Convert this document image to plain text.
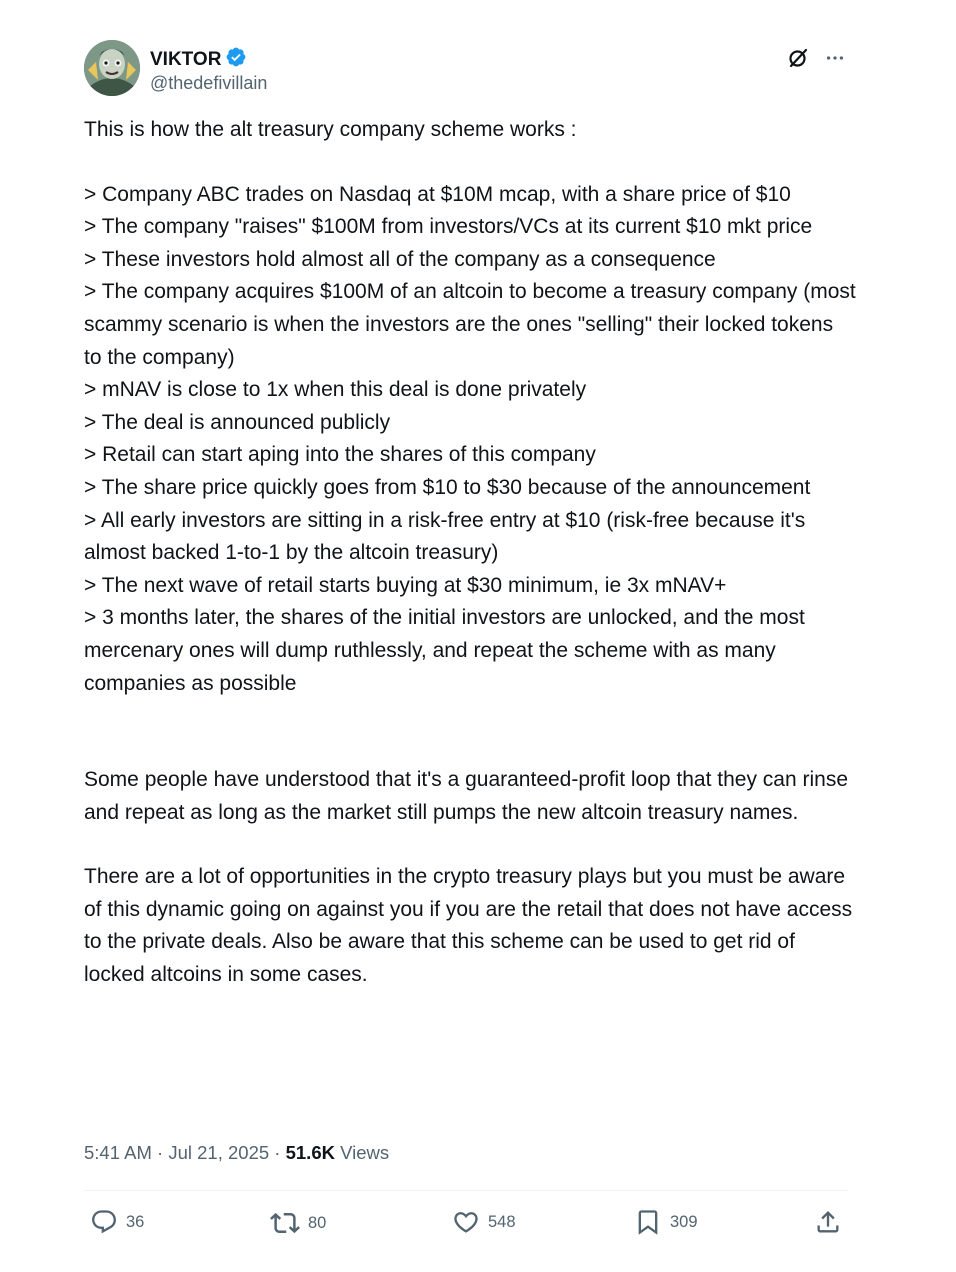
VIKTOR
@thedefivillain

This is how the alt treasury company scheme works :

> Company ABC trades on Nasdaq at $10M mcap, with a share price of $10

> The company "raises" $100M from investors/VCs at its current $10 mkt price

> These investors hold almost all of the company as a consequence

> The company acquires $100M of an altcoin to become a treasury company (most scammy scenario is when the investors are the ones "selling" their locked tokens to the company)

> mNAV is close to 1x when this deal is done privately

> The deal is announced publicly

> Retail can start aping into the shares of this company

> The share price quickly goes from $10 to $30 because of the announcement

> All early investors are sitting in a risk-free entry at $10 (risk-free because it's almost backed 1-to-1 by the altcoin treasury)

> The next wave of retail starts buying at $30 minimum, ie 3x mNAV+

> 3 months later, the shares of the initial investors are unlocked, and the most mercenary ones will dump ruthlessly, and repeat the scheme with as many companies as possible

Some people have understood that it's a guaranteed-profit loop that they can rinse and repeat as long as the market still pumps the new altcoin treasury names.

There are a lot of opportunities in the crypto treasury plays but you must be aware of this dynamic going on against you if you are the retail that does not have access to the private deals. Also be aware that this scheme can be used to get rid of locked altcoins in some cases.

5:41 AM · Jul 21, 2025 · 51.6K Views
36	80	548	309
